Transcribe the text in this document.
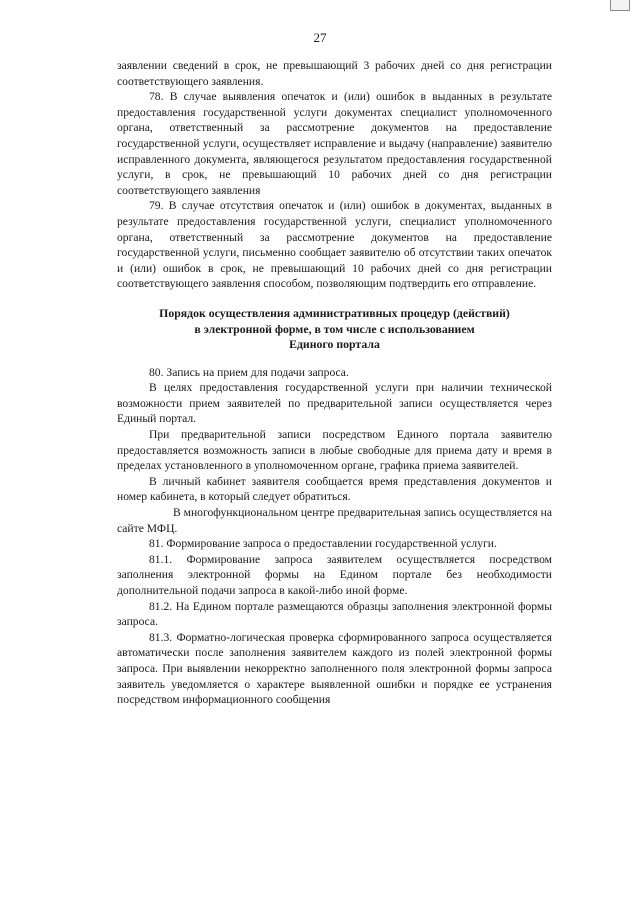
27

заявлении сведений в срок, не превышающий 3 рабочих дней со дня регистрации соответствующего заявления.

78. В случае выявления опечаток и (или) ошибок в выданных в результате предоставления государственной услуги документах специалист уполномоченного органа, ответственный за рассмотрение документов на предоставление государственной услуги, осуществляет исправление и выдачу (направление) заявителю исправленного документа, являющегося результатом предоставления государственной услуги, в срок, не превышающий 10 рабочих дней со дня регистрации соответствующего заявления

79. В случае отсутствия опечаток и (или) ошибок в документах, выданных в результате предоставления государственной услуги, специалист уполномоченного органа, ответственный за рассмотрение документов на предоставление государственной услуги, письменно сообщает заявителю об отсутствии таких опечаток и (или) ошибок в срок, не превышающий 10 рабочих дней со дня регистрации соответствующего заявления способом, позволяющим подтвердить его отправление.

Порядок осуществления административных процедур (действий)
в электронной форме, в том числе с использованием
Единого портала

80. Запись на прием для подачи запроса.

В целях предоставления государственной услуги при наличии технической возможности прием заявителей по предварительной записи осуществляется через Единый портал.

При предварительной записи посредством Единого портала заявителю предоставляется возможность записи в любые свободные для приема дату и время в пределах установленного в уполномоченном органе, графика приема заявителей.

В личный кабинет заявителя сообщается время представления документов и номер кабинета, в который следует обратиться.

В многофункциональном центре предварительная запись осуществляется на сайте МФЦ.

81. Формирование запроса о предоставлении государственной услуги.

81.1. Формирование запроса заявителем осуществляется посредством заполнения электронной формы на Едином портале без необходимости дополнительной подачи запроса в какой-либо иной форме.

81.2. На Едином портале размещаются образцы заполнения электронной формы запроса.

81.3. Форматно-логическая проверка сформированного запроса осуществляется автоматически после заполнения заявителем каждого из полей электронной формы запроса. При выявлении некорректно заполненного поля электронной формы запроса заявитель уведомляется о характере выявленной ошибки и порядке ее устранения посредством информационного сообщения
